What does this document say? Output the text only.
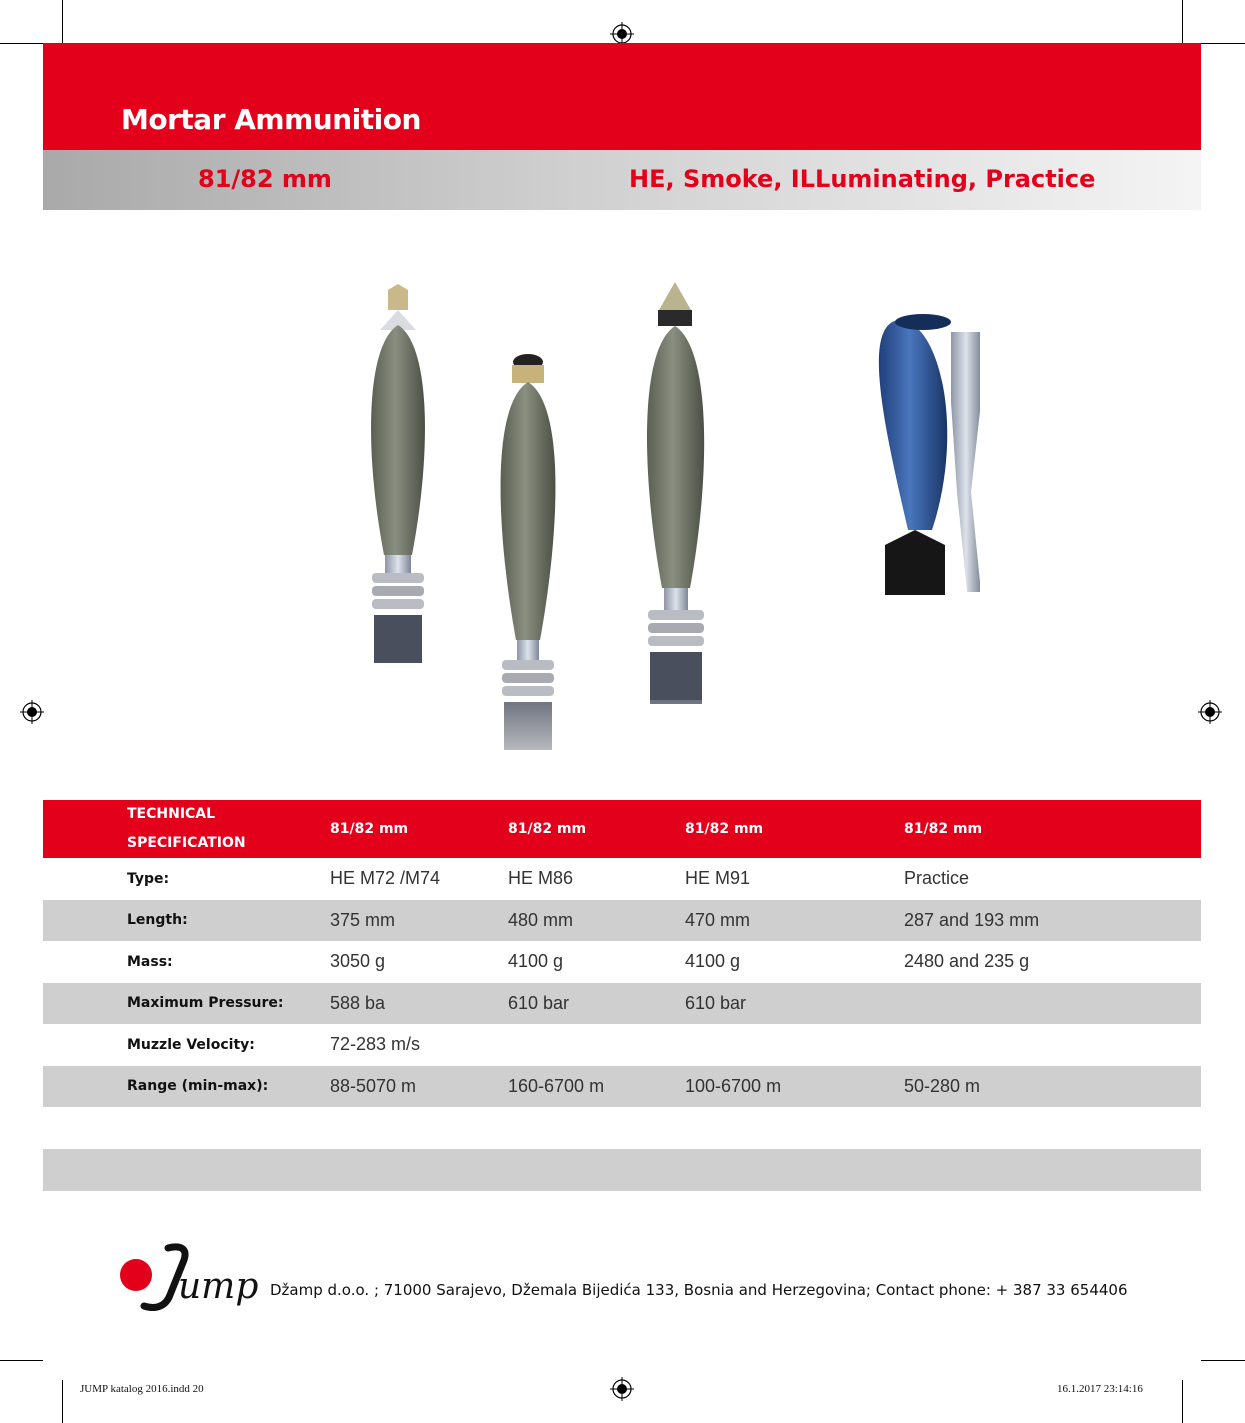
Mortar Ammunition
81/82 mm	HE, Smoke, ILLuminating, Practice
TECHNICAL SPECIFICATION
81/82 mm	81/82 mm	81/82 mm	81/82 mm
Type:	HE M72 /M74	HE M86	HE M91	Practice
Length:	375 mm	480 mm	470 mm	287 and 193 mm
Mass:	3050 g	4100 g	4100 g	2480 and 235 g
Maximum Pressure:	588 ba	610 bar	610 bar
Muzzle Velocity:	72-283 m/s
Range (min-max):	88-5070 m	160-6700 m	100-6700 m	50-280 m
ump Džamp d.o.o. ; 71000 Sarajevo, Džemala Bijedića 133, Bosnia and Herzegovina; Contact phone: + 387 33 654406
JUMP katalog 2016.indd 20	16.1.2017 23:14:16
